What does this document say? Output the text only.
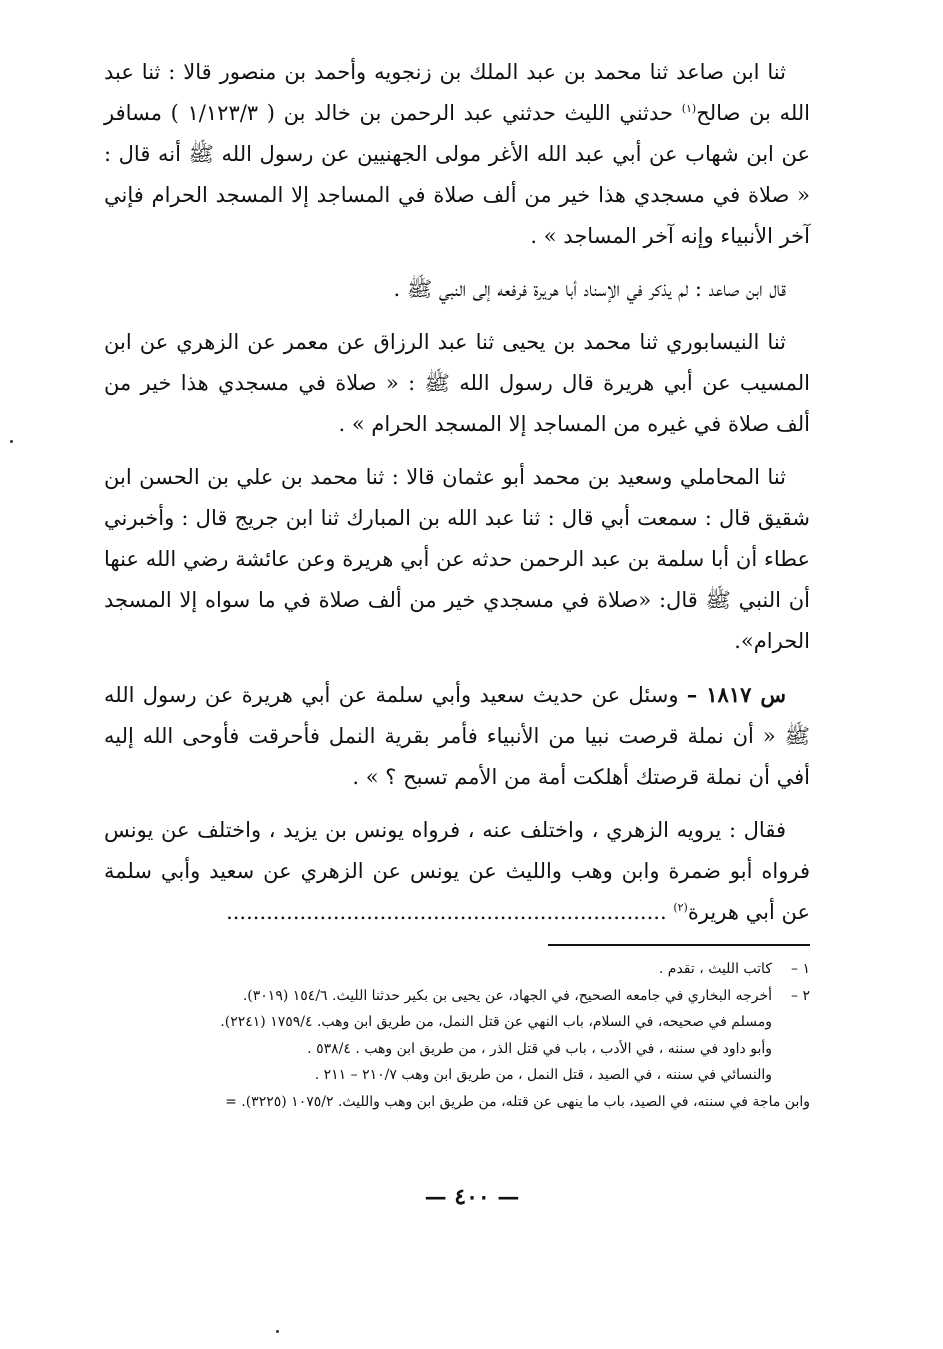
ثنا ابن صاعد ثنا محمد بن عبد الملك بن زنجويه وأحمد بن منصور قالا : ثنا عبد الله بن صالح$^{(١)}$ حدثني الليث حدثني عبد الرحمن بن خالد بن ( ١/١٢٣/٣ ) مسافر عن ابن شهاب عن أبي عبد الله الأغر مولى الجهنيين عن رسول الله ﷺ أنه قال : « صلاة في مسجدي هذا خير من ألف صلاة في المساجد إلا المسجد الحرام فإني آخر الأنبياء وإنه آخر المساجد » .

قال ابن صاعد : لم يذكر في الإسناد أبا هريرة فرفعه إلى النبي ﷺ .

ثنا النيسابوري ثنا محمد بن يحيى ثنا عبد الرزاق عن معمر عن الزهري عن ابن المسيب عن أبي هريرة قال رسول الله ﷺ : « صلاة في مسجدي هذا خير من ألف صلاة في غيره من المساجد إلا المسجد الحرام » .

ثنا المحاملي وسعيد بن محمد أبو عثمان قالا : ثنا محمد بن علي بن الحسن ابن شقيق قال : سمعت أبي قال : ثنا عبد الله بن المبارك ثنا ابن جريج قال : وأخبرني عطاء أن أبا سلمة بن عبد الرحمن حدثه عن أبي هريرة وعن عائشة رضي الله عنها أن النبي ﷺ قال: «صلاة في مسجدي خير من ألف صلاة في ما سواه إلا المسجد الحرام».

س ١٨١٧ – وسئل عن حديث سعيد وأبي سلمة عن أبي هريرة عن رسول الله ﷺ « أن نملة قرصت نبيا من الأنبياء فأمر بقرية النمل فأحرقت فأوحى الله إليه أفي أن نملة قرصتك أهلكت أمة من الأمم تسبح ؟ » .

فقال : يرويه الزهري ، واختلف عنه ، فرواه يونس بن يزيد ، واختلف عن يونس فرواه أبو ضمرة وابن وهب والليث عن يونس عن الزهري عن سعيد وأبي سلمة عن أبي هريرة$^{(٢)}$ ..................................................................

١ –كاتب الليث ، تقدم .
٢ –أخرجه البخاري في جامعه الصحيح، في الجهاد، عن يحيى بن بكير حدثنا الليث. ١٥٤/٦ (٣٠١٩).
ومسلم في صحيحه، في السلام، باب النهي عن قتل النمل، من طريق ابن وهب. ١٧٥٩/٤ (٢٢٤١).
وأبو داود في سننه ، في الأدب ، باب في قتل الذر ، من طريق ابن وهب . ٥٣٨/٤ .
والنسائي في سننه ، في الصيد ، قتل النمل ، من طريق ابن وهب ٢١٠/٧ – ٢١١ .
وابن ماجة في سننه، في الصيد، باب ما ينهى عن قتله، من طريق ابن وهب والليث. ١٠٧٥/٢ (٣٢٢٥). =
— ٤٠٠ —
